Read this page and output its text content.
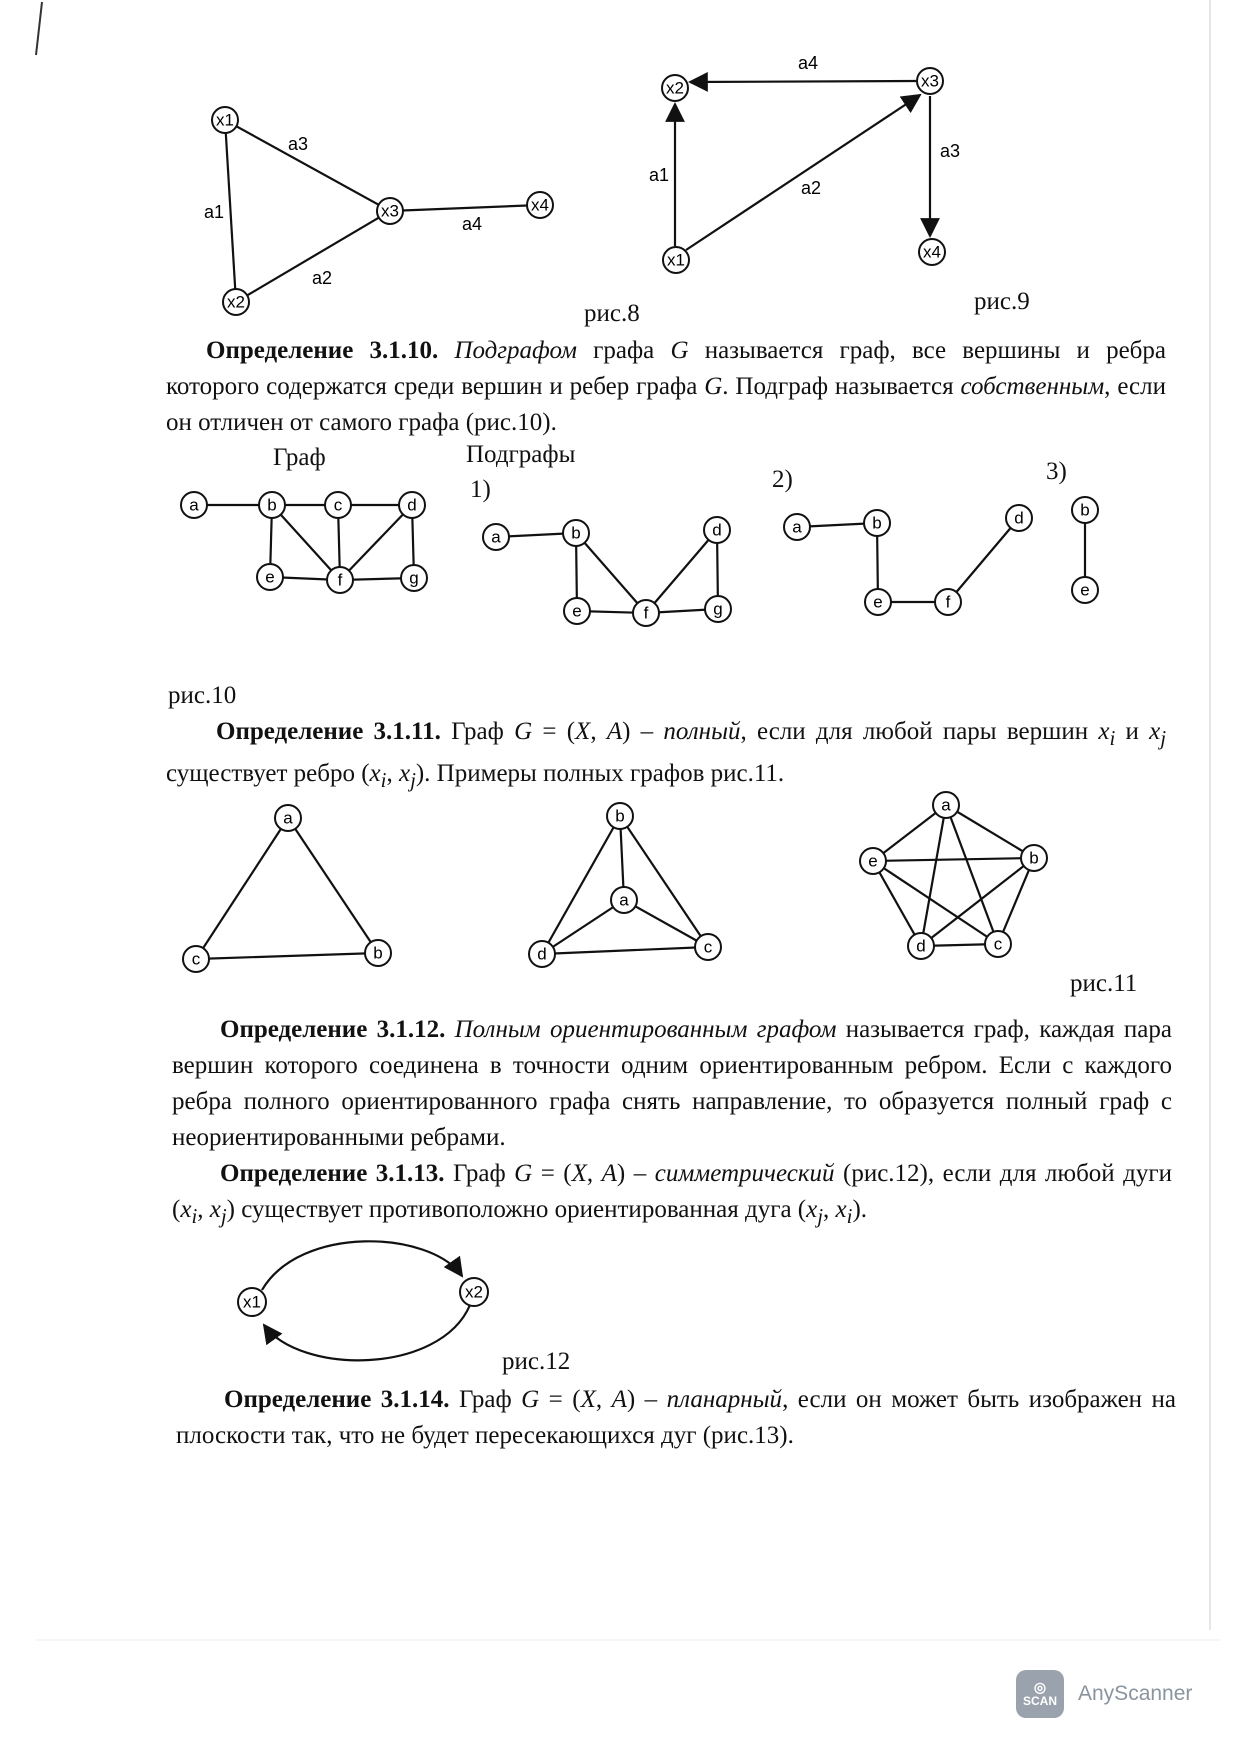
a1
a3
a2
a4
x1
x2
x3	x4
a1
a2
a4
a3
x1
x2	x3
x4
a	b	c	d
e	f	g
a	b	d
e	f	g
a	b	d
e	f
b
e
a
b
c
a
b
c
d
a
b
c
d
e
x1
x2
рис.8	рис.9
Определение 3.1.10. Подграфом графа G называется граф, все вершины и ребра которого содержатся среди вершин и ребер графа G. Подграф называется собственным, если он отличен от самого графа (рис.10).
Граф	Подграфы
1)	2)	3)
рис.10
Определение 3.1.11. Граф G = (X, A) – полный, если для любой пары вершин $x_i$ и $x_j$ существует ребро ($x_i$, $x_j$). Примеры полных графов рис.11.
рис.11
Определение 3.1.12. Полным ориентированным графом называется граф, каждая пара вершин которого соединена в точности одним ориентированным ребром. Если с каждого ребра полного ориентированного графа снять направление, то образуется полный граф с неориентированными ребрами.
Определение 3.1.13. Граф G = (X, A) – симметрический (рис.12), если для любой дуги ($x_i$, $x_j$) существует противоположно ориентированная дуга ($x_j$, $x_i$).
рис.12
Определение 3.1.14. Граф G = (X, A) – планарный, если он может быть изображен на плоскости так, что не будет пересекающихся дуг (рис.13).
◎
SCAN AnyScanner
